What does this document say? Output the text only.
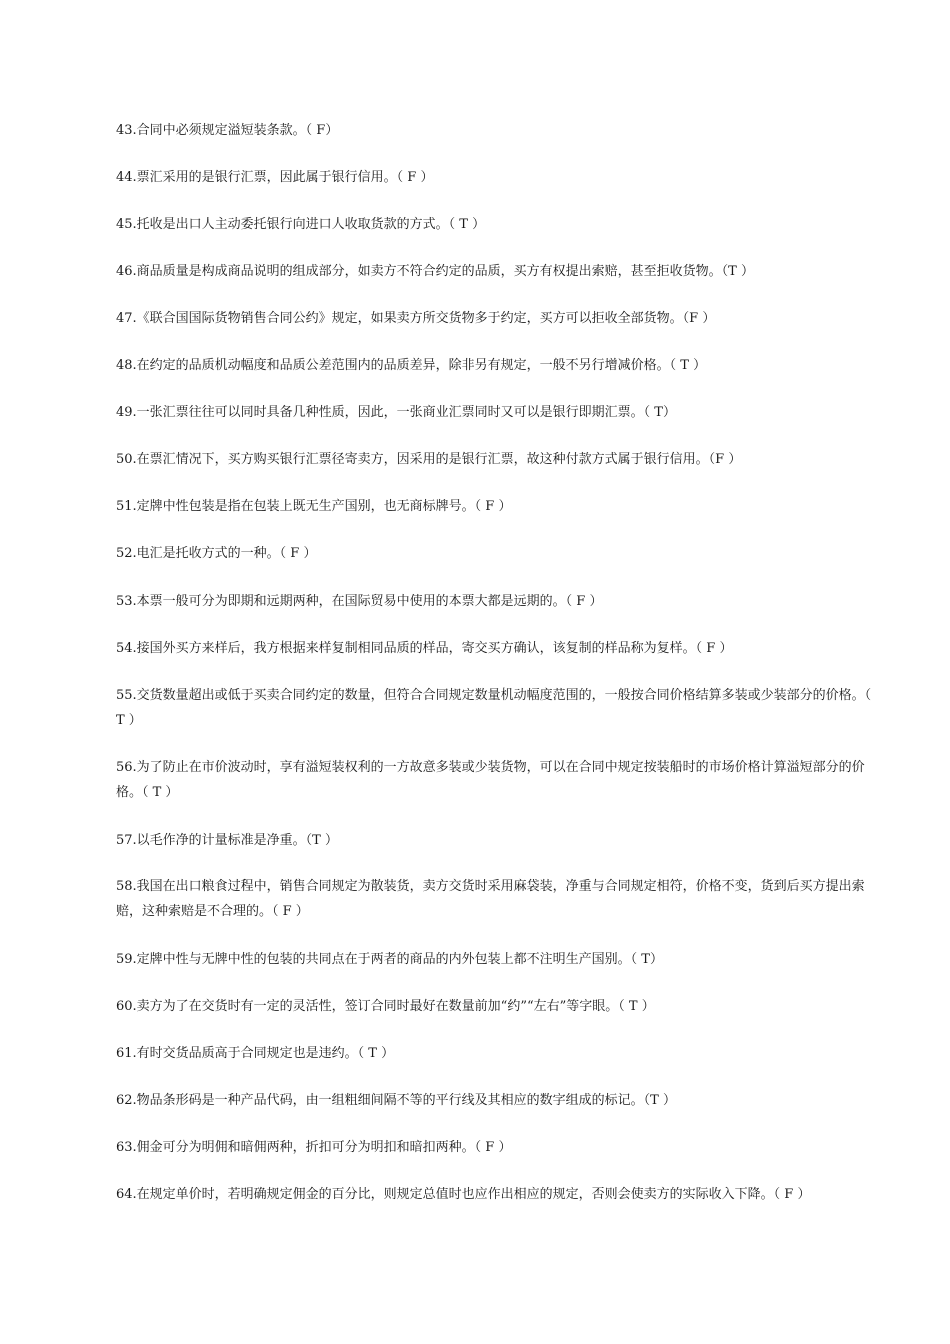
43.合同中必须规定溢短装条款。（ F）
44.票汇采用的是银行汇票，因此属于银行信用。（ F ）
45.托收是出口人主动委托银行向进口人收取货款的方式。（ T ）
46.商品质量是构成商品说明的组成部分，如卖方不符合约定的品质，买方有权提出索赔，甚至拒收货物。（T ）
47.《联合国国际货物销售合同公约》规定，如果卖方所交货物多于约定，买方可以拒收全部货物。（F ）
48.在约定的品质机动幅度和品质公差范围内的品质差异，除非另有规定，一般不另行增减价格。（ T ）
49.一张汇票往往可以同时具备几种性质，因此，一张商业汇票同时又可以是银行即期汇票。（ T）
50.在票汇情况下，买方购买银行汇票径寄卖方，因采用的是银行汇票，故这种付款方式属于银行信用。（F ）
51.定牌中性包装是指在包装上既无生产国别，也无商标牌号。（ F ）
52.电汇是托收方式的一种。（ F ）
53.本票一般可分为即期和远期两种，在国际贸易中使用的本票大都是远期的。（ F ）
54.接国外买方来样后，我方根据来样复制相同品质的样品，寄交买方确认，该复制的样品称为复样。（ F ）
55.交货数量超出或低于买卖合同约定的数量，但符合合同规定数量机动幅度范围的，一般按合同价格结算多装或少装部分的价格。（ T ）
56.为了防止在市价波动时，享有溢短装权利的一方故意多装或少装货物，可以在合同中规定按装船时的市场价格计算溢短部分的价格。（ T ）
57.以毛作净的计量标准是净重。（T ）
58.我国在出口粮食过程中，销售合同规定为散装货，卖方交货时采用麻袋装，净重与合同规定相符，价格不变，货到后买方提出索赔，这种索赔是不合理的。（ F ）
59.定牌中性与无牌中性的包装的共同点在于两者的商品的内外包装上都不注明生产国别。（ T）
60.卖方为了在交货时有一定的灵活性，签订合同时最好在数量前加“约”“左右”等字眼。（ T ）
61.有时交货品质高于合同规定也是违约。（ T ）
62.物品条形码是一种产品代码，由一组粗细间隔不等的平行线及其相应的数字组成的标记。（T ）
63.佣金可分为明佣和暗佣两种，折扣可分为明扣和暗扣两种。（ F ）
64.在规定单价时，若明确规定佣金的百分比，则规定总值时也应作出相应的规定，否则会使卖方的实际收入下降。（ F ）
